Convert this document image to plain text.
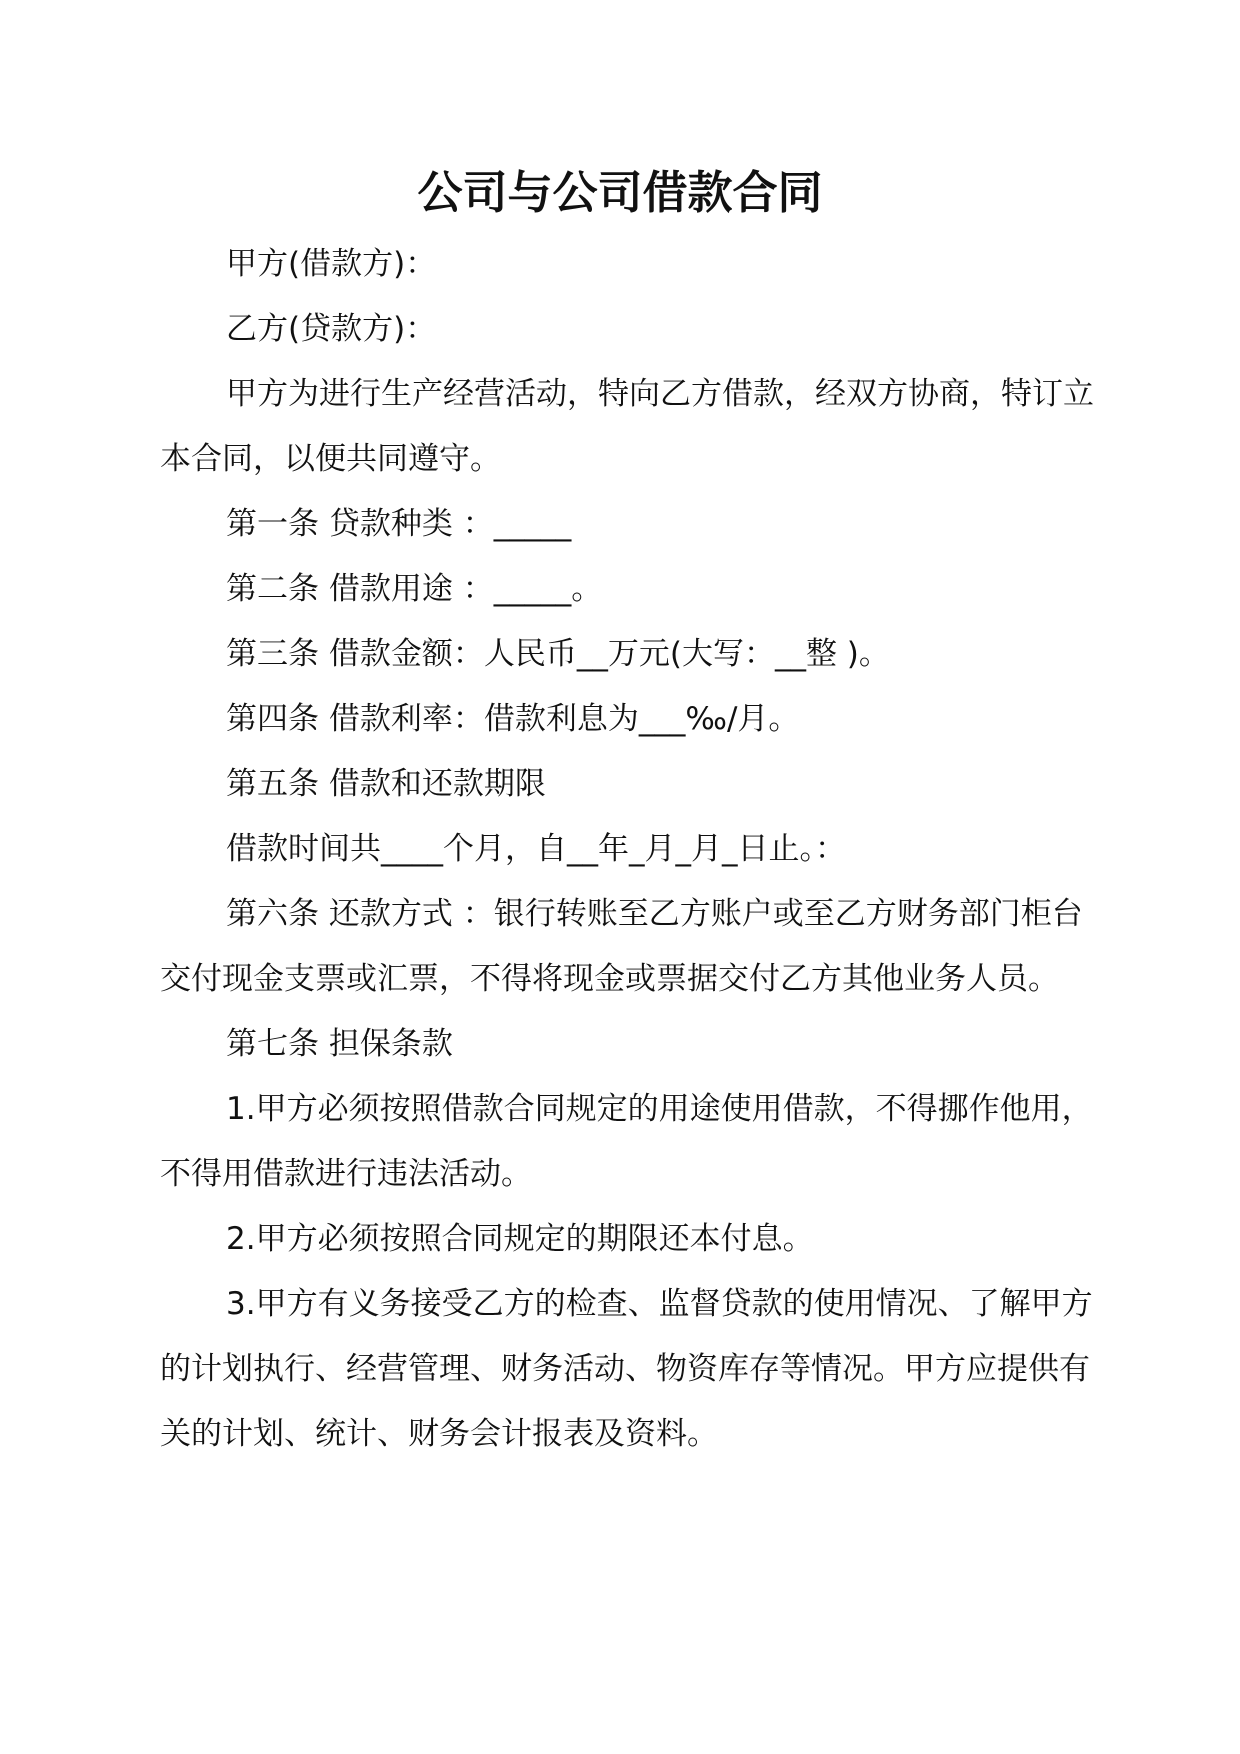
公司与公司借款合同

甲方(借款方)：

乙方(贷款方)：

甲方为进行生产经营活动，特向乙方借款，经双方协商，特订立本合同，以便共同遵守。

第一条 贷款种类 ：_____

第二条 借款用途 ：_____。

第三条 借款金额：人民币__万元(大写：__整 )。

第四条 借款利率：借款利息为___‰/月。

第五条 借款和还款期限

借款时间共____个月，自__年_月_月_日止。：

第六条 还款方式 ：银行转账至乙方账户或至乙方财务部门柜台交付现金支票或汇票，不得将现金或票据交付乙方其他业务人员。

第七条 担保条款

1.甲方必须按照借款合同规定的用途使用借款，不得挪作他用，不得用借款进行违法活动。

2.甲方必须按照合同规定的期限还本付息。

3.甲方有义务接受乙方的检查、监督贷款的使用情况、了解甲方的计划执行、经营管理、财务活动、物资库存等情况。甲方应提供有关的计划、统计、财务会计报表及资料。
